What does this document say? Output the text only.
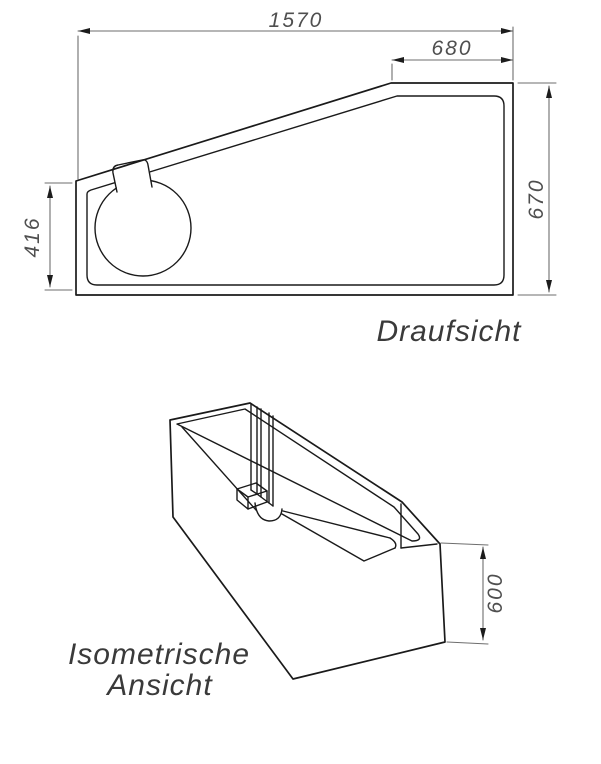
1570
680
670
416
Draufsicht
600
Isometrische
Ansicht
